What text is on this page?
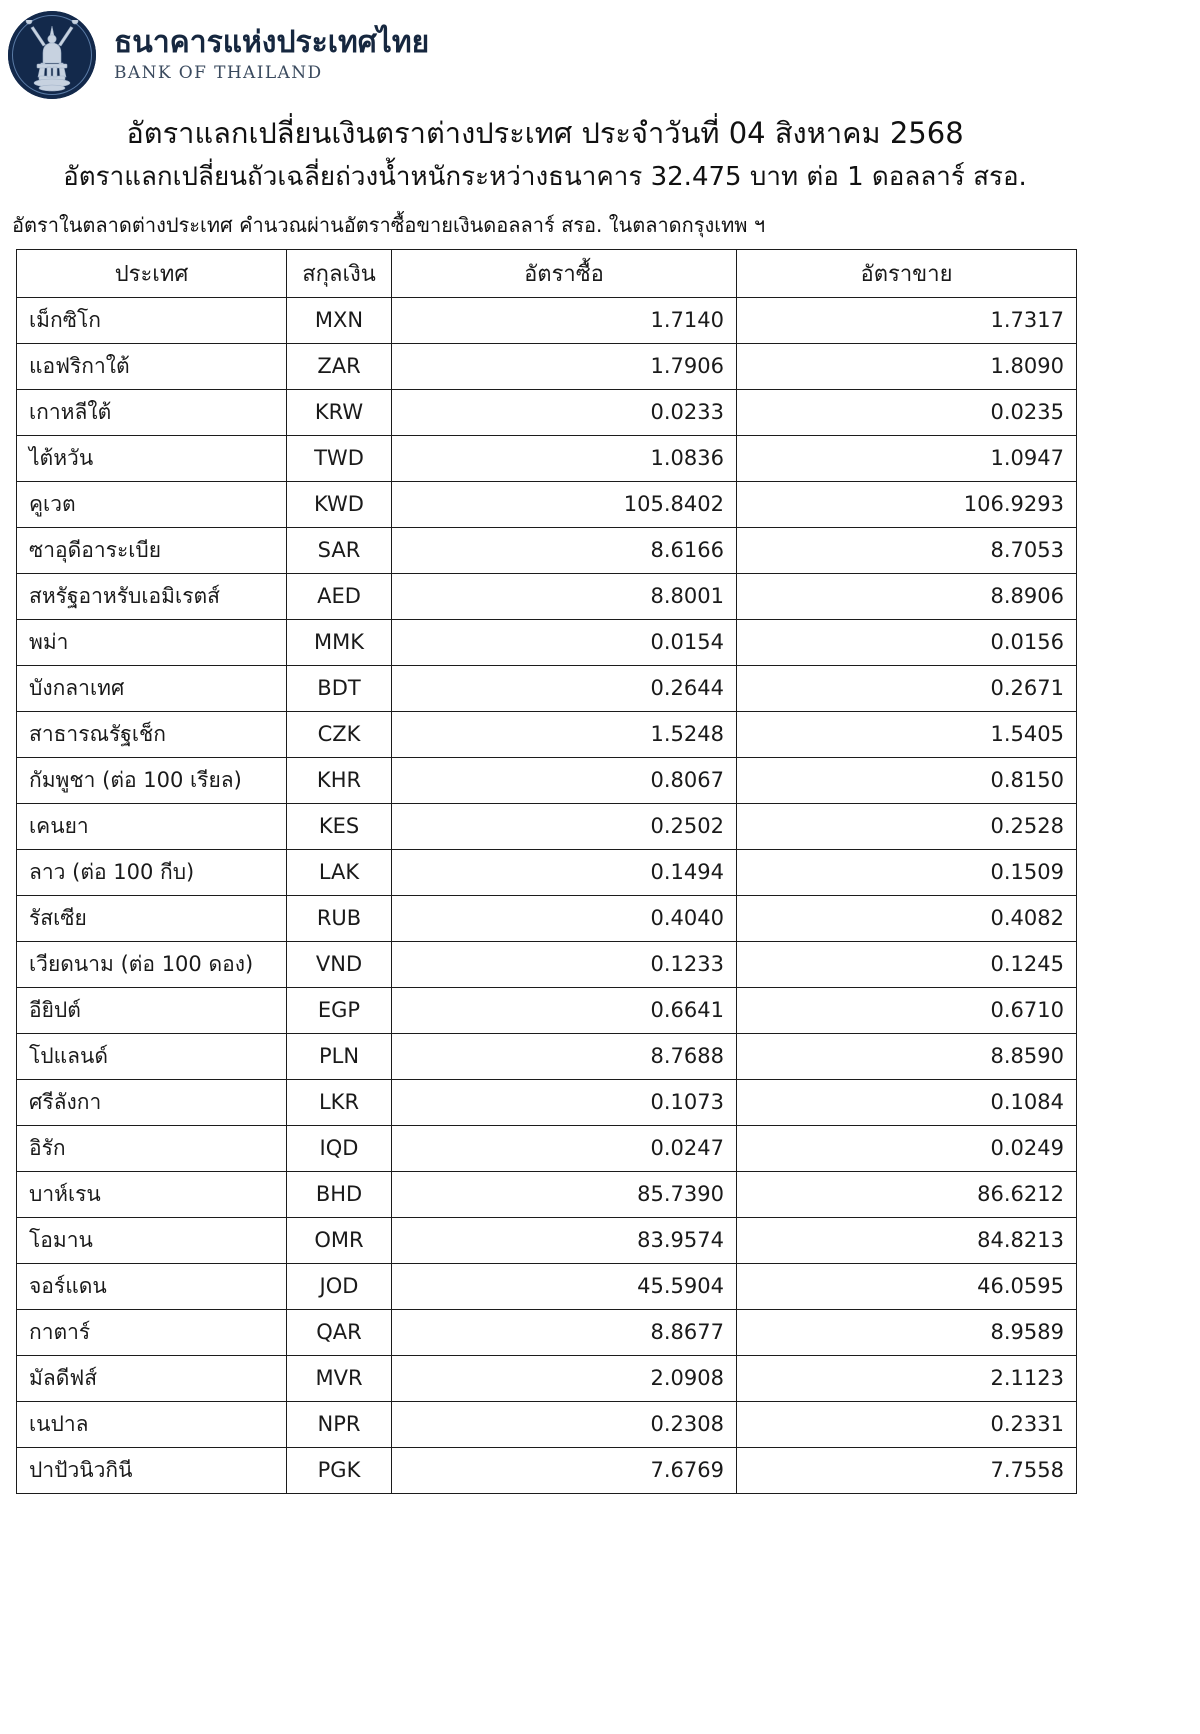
ธนาคารแห่งประเทศไทย
BANK OF THAILAND
อัตราแลกเปลี่ยนเงินตราต่างประเทศ ประจำวันที่ 04 สิงหาคม 2568
อัตราแลกเปลี่ยนถัวเฉลี่ยถ่วงน้ำหนักระหว่างธนาคาร 32.475 บาท ต่อ 1 ดอลลาร์ สรอ.
อัตราในตลาดต่างประเทศ คำนวณผ่านอัตราซื้อขายเงินดอลลาร์ สรอ. ในตลาดกรุงเทพ ฯ
ประเทศ	สกุลเงิน	อัตราซื้อ	อัตราขาย
เม็กซิโก	MXN	1.7140	1.7317
แอฟริกาใต้	ZAR	1.7906	1.8090
เกาหลีใต้	KRW	0.0233	0.0235
ไต้หวัน	TWD	1.0836	1.0947
คูเวต	KWD	105.8402	106.9293
ซาอุดีอาระเบีย	SAR	8.6166	8.7053
สหรัฐอาหรับเอมิเรตส์	AED	8.8001	8.8906
พม่า	MMK	0.0154	0.0156
บังกลาเทศ	BDT	0.2644	0.2671
สาธารณรัฐเช็ก	CZK	1.5248	1.5405
กัมพูชา (ต่อ 100 เรียล)	KHR	0.8067	0.8150
เคนยา	KES	0.2502	0.2528
ลาว (ต่อ 100 กีบ)	LAK	0.1494	0.1509
รัสเซีย	RUB	0.4040	0.4082
เวียดนาม (ต่อ 100 ดอง)	VND	0.1233	0.1245
อียิปต์	EGP	0.6641	0.6710
โปแลนด์	PLN	8.7688	8.8590
ศรีลังกา	LKR	0.1073	0.1084
อิรัก	IQD	0.0247	0.0249
บาห์เรน	BHD	85.7390	86.6212
โอมาน	OMR	83.9574	84.8213
จอร์แดน	JOD	45.5904	46.0595
กาตาร์	QAR	8.8677	8.9589
มัลดีฟส์	MVR	2.0908	2.1123
เนปาล	NPR	0.2308	0.2331
ปาปัวนิวกินี	PGK	7.6769	7.7558
